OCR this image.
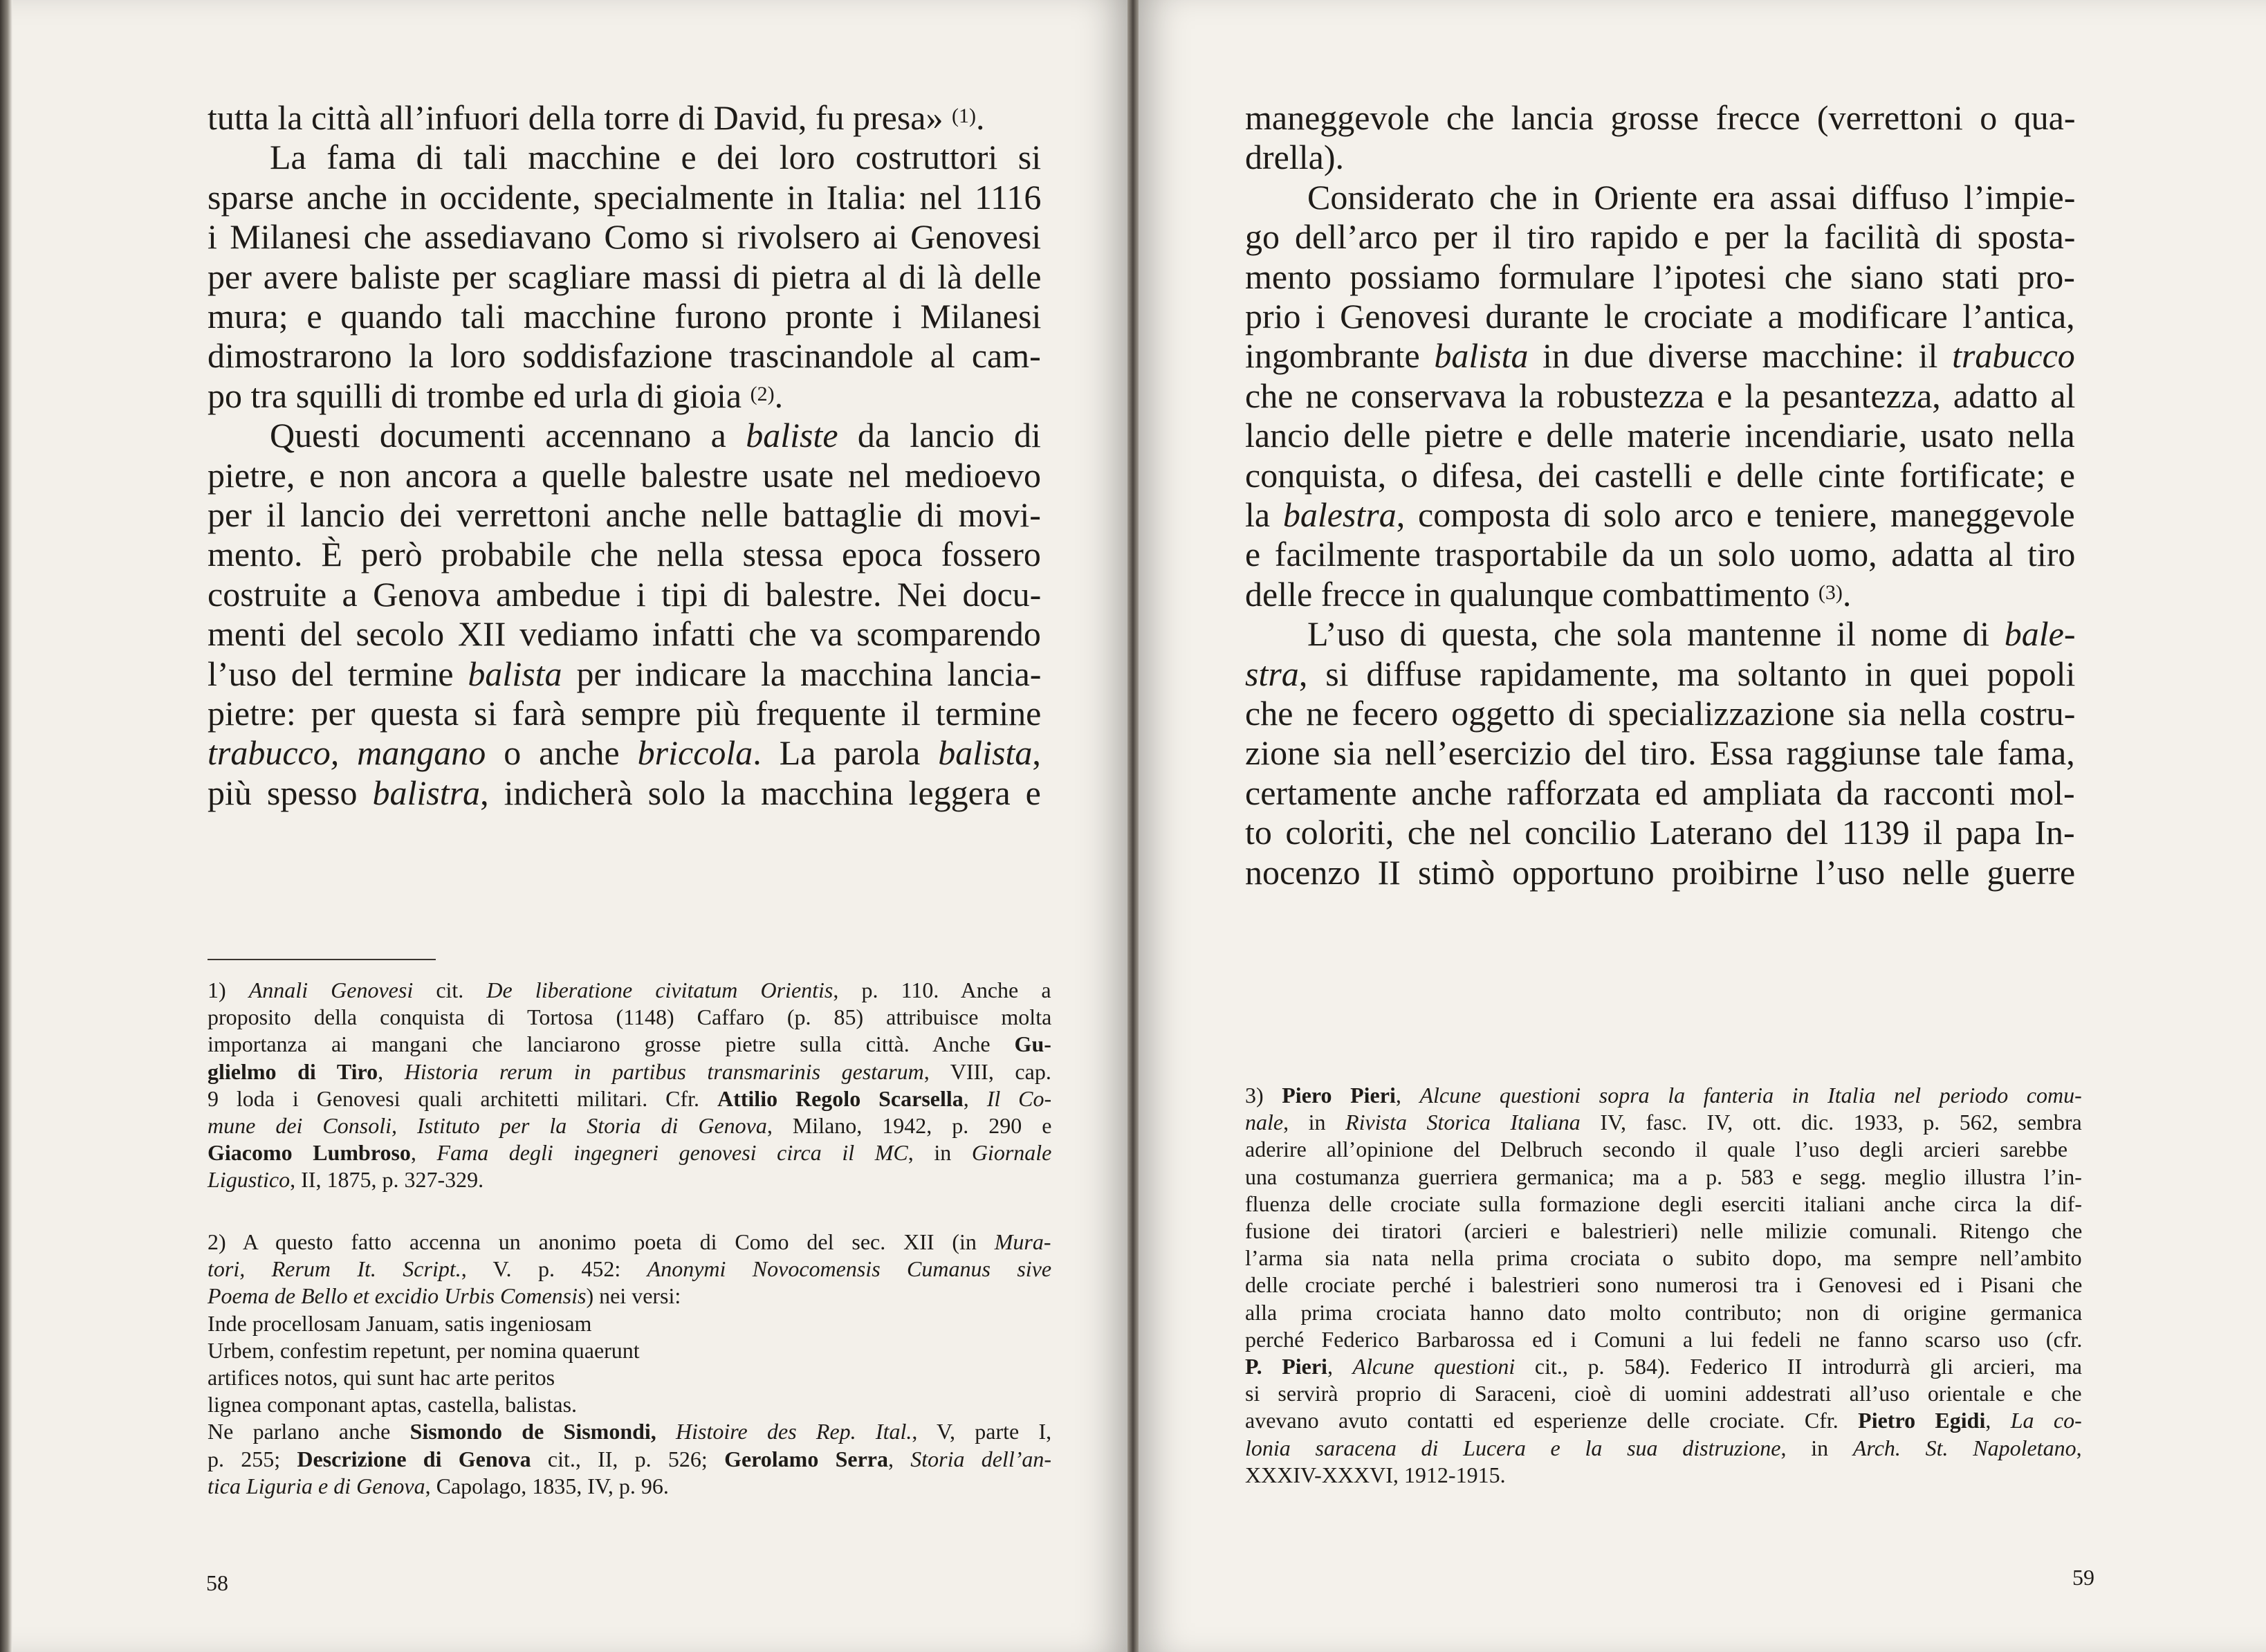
tutta la città all’infuori della torre di David, fu presa» $^{(1)}$.
La fama di tali macchine e dei loro costruttori si
sparse anche in occidente, specialmente in Italia: nel 1116
i Milanesi che assediavano Como si rivolsero ai Genovesi
per avere baliste per scagliare massi di pietra al di là delle
mura; e quando tali macchine furono pronte i Milanesi
dimostrarono la loro soddisfazione trascinandole al cam-
po tra squilli di trombe ed urla di gioia $^{(2)}$.
Questi documenti accennano a baliste da lancio di
pietre, e non ancora a quelle balestre usate nel medioevo
per il lancio dei verrettoni anche nelle battaglie di movi-
mento. È però probabile che nella stessa epoca fossero
costruite a Genova ambedue i tipi di balestre. Nei docu-
menti del secolo XII vediamo infatti che va scomparendo
l’uso del termine balista per indicare la macchina lancia-
pietre: per questa si farà sempre più frequente il termine
trabucco, mangano o anche briccola. La parola balista,
più spesso balistra, indicherà solo la macchina leggera e
1) Annali Genovesi cit. De liberatione civitatum Orientis, p. 110. Anche a
proposito della conquista di Tortosa (1148) Caffaro (p. 85) attribuisce molta
importanza ai mangani che lanciarono grosse pietre sulla città. Anche Gu-
glielmo di Tiro, Historia rerum in partibus transmarinis gestarum, VIII, cap.
9 loda i Genovesi quali architetti militari. Cfr. Attilio Regolo Scarsella, Il Co-
mune dei Consoli, Istituto per la Storia di Genova, Milano, 1942, p. 290 e
Giacomo Lumbroso, Fama degli ingegneri genovesi circa il MC, in Giornale
Ligustico, II, 1875, p. 327-329.
2) A questo fatto accenna un anonimo poeta di Como del sec. XII (in Mura-
tori, Rerum It. Script., V. p. 452: Anonymi Novocomensis Cumanus sive
Poema de Bello et excidio Urbis Comensis) nei versi:
Inde procellosam Januam, satis ingeniosam
Urbem, confestim repetunt, per nomina quaerunt
artifices notos, qui sunt hac arte peritos
lignea componant aptas, castella, balistas.
Ne parlano anche Sismondo de Sismondi, Histoire des Rep. Ital., V, parte I,
p. 255; Descrizione di Genova cit., II, p. 526; Gerolamo Serra, Storia dell’an-
tica Liguria e di Genova, Capolago, 1835, IV, p. 96.
58
maneggevole che lancia grosse frecce (verrettoni o qua-
drella).
Considerato che in Oriente era assai diffuso l’impie-
go dell’arco per il tiro rapido e per la facilità di sposta-
mento possiamo formulare l’ipotesi che siano stati pro-
prio i Genovesi durante le crociate a modificare l’antica,
ingombrante balista in due diverse macchine: il trabucco
che ne conservava la robustezza e la pesantezza, adatto al
lancio delle pietre e delle materie incendiarie, usato nella
conquista, o difesa, dei castelli e delle cinte fortificate; e
la balestra, composta di solo arco e teniere, maneggevole
e facilmente trasportabile da un solo uomo, adatta al tiro
delle frecce in qualunque combattimento $^{(3)}$.
L’uso di questa, che sola mantenne il nome di bale-
stra, si diffuse rapidamente, ma soltanto in quei popoli
che ne fecero oggetto di specializzazione sia nella costru-
zione sia nell’esercizio del tiro. Essa raggiunse tale fama,
certamente anche rafforzata ed ampliata da racconti mol-
to coloriti, che nel concilio Laterano del 1139 il papa In-
nocenzo II stimò opportuno proibirne l’uso nelle guerre
3) Piero Pieri, Alcune questioni sopra la fanteria in Italia nel periodo comu-
nale, in Rivista Storica Italiana IV, fasc. IV, ott. dic. 1933, p. 562, sembra
aderire all’opinione del Delbruch secondo il quale l’uso degli arcieri sarebbe
una costumanza guerriera germanica; ma a p. 583 e segg. meglio illustra l’in-
fluenza delle crociate sulla formazione degli eserciti italiani anche circa la dif-
fusione dei tiratori (arcieri e balestrieri) nelle milizie comunali. Ritengo che
l’arma sia nata nella prima crociata o subito dopo, ma sempre nell’ambito
delle crociate perché i balestrieri sono numerosi tra i Genovesi ed i Pisani che
alla prima crociata hanno dato molto contributo; non di origine germanica
perché Federico Barbarossa ed i Comuni a lui fedeli ne fanno scarso uso (cfr.
P. Pieri, Alcune questioni cit., p. 584). Federico II introdurrà gli arcieri, ma
si servirà proprio di Saraceni, cioè di uomini addestrati all’uso orientale e che
avevano avuto contatti ed esperienze delle crociate. Cfr. Pietro Egidi, La co-
lonia saracena di Lucera e la sua distruzione, in Arch. St. Napoletano,
XXXIV-XXXVI, 1912-1915.
59
